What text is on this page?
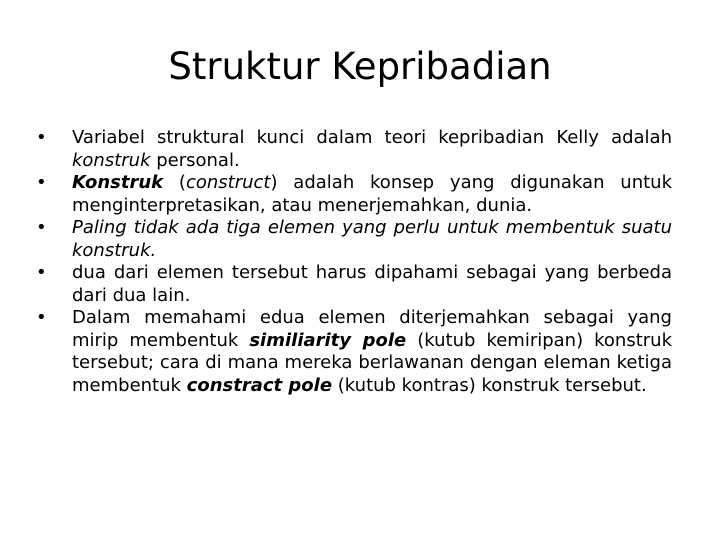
Struktur Kepribadian
•	Variabel struktural kunci dalam teori kepribadian Kelly adalah konstruk personal.
•	Konstruk (construct) adalah konsep yang digunakan untuk menginterpretasikan, atau menerjemahkan, dunia.
•	Paling tidak ada tiga elemen yang perlu untuk membentuk suatu konstruk.
•	dua dari elemen tersebut harus dipahami sebagai yang berbeda dari dua lain.
•	Dalam memahami edua elemen diterjemahkan sebagai yang mirip membentuk similiarity pole (kutub kemiripan) konstruk tersebut; cara di mana mereka berlawanan dengan eleman ketiga membentuk constract pole (kutub kontras) konstruk tersebut.
